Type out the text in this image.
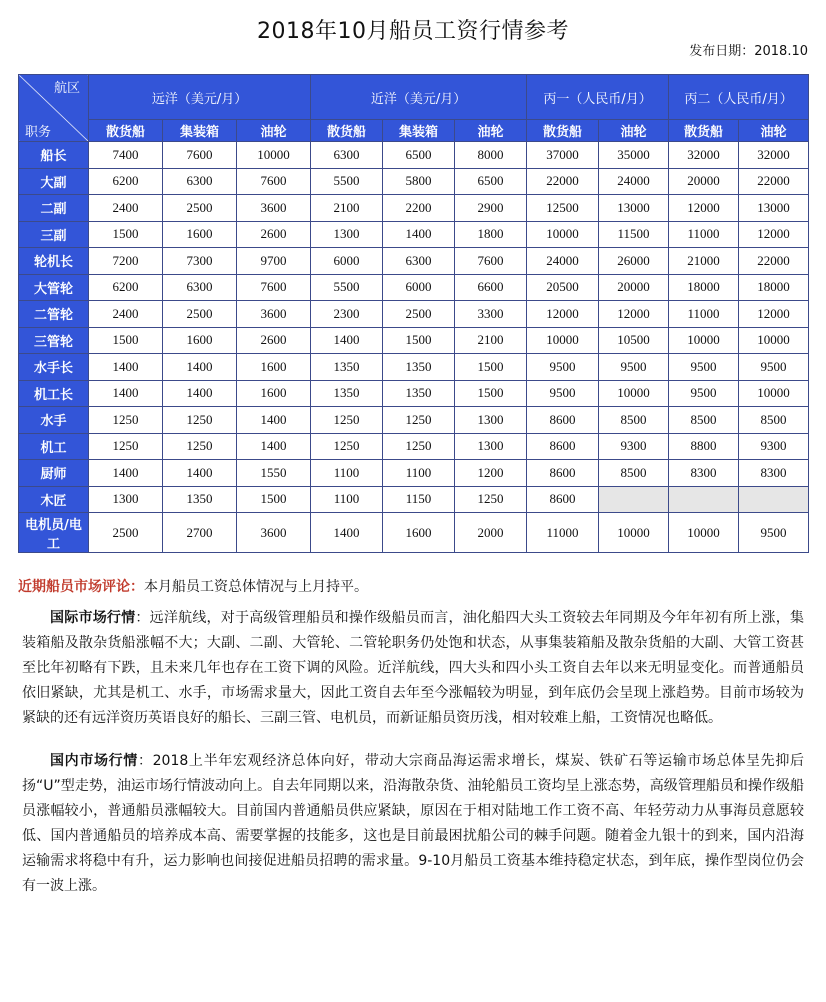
2018年10月船员工资行情参考
发布日期：2018.10
航区
职务	远洋（美元/月）			近洋（美元/月）			丙一（人民币/月）		丙二（人民币/月）	
	散货船	集装箱	油轮	散货船	集装箱	油轮	散货船	油轮	散货船	油轮
船长	7400	7600	10000	6300	6500	8000	37000	35000	32000	32000
大副	6200	6300	7600	5500	5800	6500	22000	24000	20000	22000
二副	2400	2500	3600	2100	2200	2900	12500	13000	12000	13000
三副	1500	1600	2600	1300	1400	1800	10000	11500	11000	12000
轮机长	7200	7300	9700	6000	6300	7600	24000	26000	21000	22000
大管轮	6200	6300	7600	5500	6000	6600	20500	20000	18000	18000
二管轮	2400	2500	3600	2300	2500	3300	12000	12000	11000	12000
三管轮	1500	1600	2600	1400	1500	2100	10000	10500	10000	10000
水手长	1400	1400	1600	1350	1350	1500	9500	9500	9500	9500
机工长	1400	1400	1600	1350	1350	1500	9500	10000	9500	10000
水手	1250	1250	1400	1250	1250	1300	8600	8500	8500	8500
机工	1250	1250	1400	1250	1250	1300	8600	9300	8800	9300
厨师	1400	1400	1550	1100	1100	1200	8600	8500	8300	8300
木匠	1300	1350	1500	1100	1150	1250	8600			
电机员/电工	2500	2700	3600	1400	1600	2000	11000	10000	10000	9500
近期船员市场评论：本月船员工资总体情况与上月持平。

国际市场行情：远洋航线，对于高级管理船员和操作级船员而言，油化船四大头工资较去年同期及今年年初有所上涨，集装箱船及散杂货船涨幅不大；大副、二副、大管轮、二管轮职务仍处饱和状态，从事集装箱船及散杂货船的大副、大管工资甚至比年初略有下跌，且未来几年也存在工资下调的风险。近洋航线，四大头和四小头工资自去年以来无明显变化。而普通船员依旧紧缺，尤其是机工、水手，市场需求量大，因此工资自去年至今涨幅较为明显，到年底仍会呈现上涨趋势。目前市场较为紧缺的还有远洋资历英语良好的船长、三副三管、电机员，而新证船员资历浅，相对较难上船，工资情况也略低。

国内市场行情：2018上半年宏观经济总体向好，带动大宗商品海运需求增长，煤炭、铁矿石等运输市场总体呈先抑后扬“U”型走势，油运市场行情波动向上。自去年同期以来，沿海散杂货、油轮船员工资均呈上涨态势，高级管理船员和操作级船员涨幅较小，普通船员涨幅较大。目前国内普通船员供应紧缺，原因在于相对陆地工作工资不高、年轻劳动力从事海员意愿较低、国内普通船员的培养成本高、需要掌握的技能多，这也是目前最困扰船公司的棘手问题。随着金九银十的到来，国内沿海运输需求将稳中有升，运力影响也间接促进船员招聘的需求量。9-10月船员工资基本维持稳定状态，到年底，操作型岗位仍会有一波上涨。
